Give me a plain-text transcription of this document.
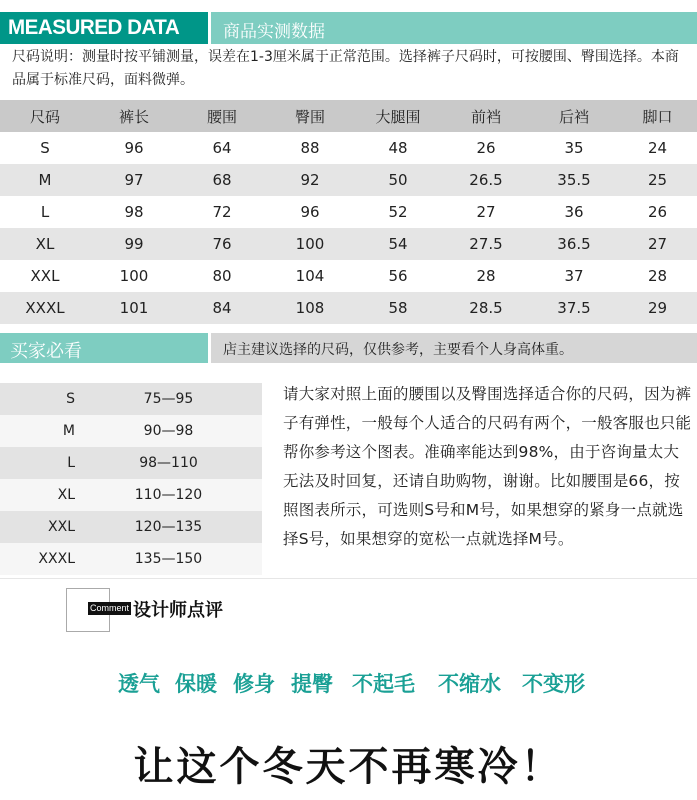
MEASURED DATA	商品实测数据
尺码说明：测量时按平铺测量，误差在1-3厘米属于正常范围。选择裤子尺码时，可按腰围、臀围选择。本商品属于标准尺码，面料微弹。
尺码	裤长	腰围	臀围	大腿围	前裆	后裆	脚口
S	96	64	88	48	26	35	24
M	97	68	92	50	26.5	35.5	25
L	98	72	96	52	27	36	26
XL	99	76	100	54	27.5	36.5	27
XXL	100	80	104	56	28	37	28
XXXL	101	84	108	58	28.5	37.5	29
买家必看	店主建议选择的尺码，仅供参考，主要看个人身高体重。
S	75—95
M	90—98
L	98—110
XL	110—120
XXL	120—135
XXXL	135—150
请大家对照上面的腰围以及臀围选择适合你的尺码，因为裤子有弹性，一般每个人适合的尺码有两个，一般客服也只能帮你参考这个图表。准确率能达到98%，由于咨询量太大无法及时回复，还请自助购物，谢谢。比如腰围是66，按照图表所示，可选则S号和M号，如果想穿的紧身一点就选择S号，如果想穿的宽松一点就选择M号。
Comment 设计师点评
透气 保暖 修身 提臀 不起毛 不缩水 不变形
让这个冬天不再寒冷！
